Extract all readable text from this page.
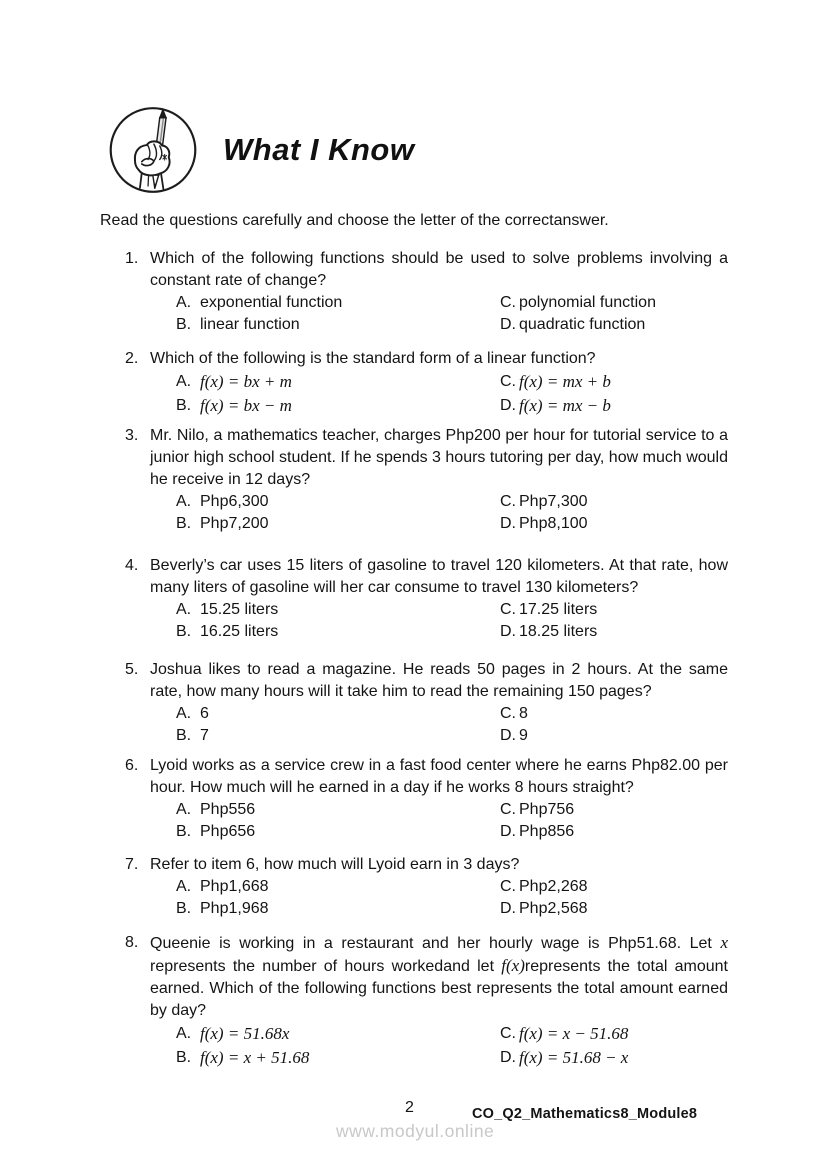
What I Know

Read the questions carefully and choose the letter of the correctanswer.

1. Which of the following functions should be used to solve problems involving a constant rate of change?

A. exponential function
B. linear function
C. polynomial function
D. quadratic function
2. Which of the following is the standard form of a linear function?

A. f(x) = bx + m
B. f(x) = bx − m
C. f(x) = mx + b
D. f(x) = mx − b
3. Mr. Nilo, a mathematics teacher, charges Php200 per hour for tutorial service to a junior high school student. If he spends 3 hours tutoring per day, how much would he receive in 12 days?

A. Php6,300
B. Php7,200
C. Php7,300
D. Php8,100
4. Beverly’s car uses 15 liters of gasoline to travel 120 kilometers. At that rate, how many liters of gasoline will her car consume to travel 130 kilometers?

A. 15.25 liters
B. 16.25 liters
C. 17.25 liters
D. 18.25 liters
5. Joshua likes to read a magazine. He reads 50 pages in 2 hours. At the same rate, how many hours will it take him to read the remaining 150 pages?

A. 6
B. 7
C. 8
D. 9
6. Lyoid works as a service crew in a fast food center where he earns Php82.00 per hour. How much will he earned in a day if he works 8 hours straight?

A. Php556
B. Php656
C. Php756
D. Php856
7. Refer to item 6, how much will Lyoid earn in 3 days?

A. Php1,668
B. Php1,968
C. Php2,268
D. Php2,568
8. Queenie is working in a restaurant and her hourly wage is Php51.68. Let x represents the number of hours workedand let f(x)represents the total amount earned. Which of the following functions best represents the total amount earned by day?

A. f(x) = 51.68x
B. f(x) = x + 51.68
C. f(x) = x − 51.68
D. f(x) = 51.68 − x
2	CO_Q2_Mathematics8_Module8
www.modyul.online
